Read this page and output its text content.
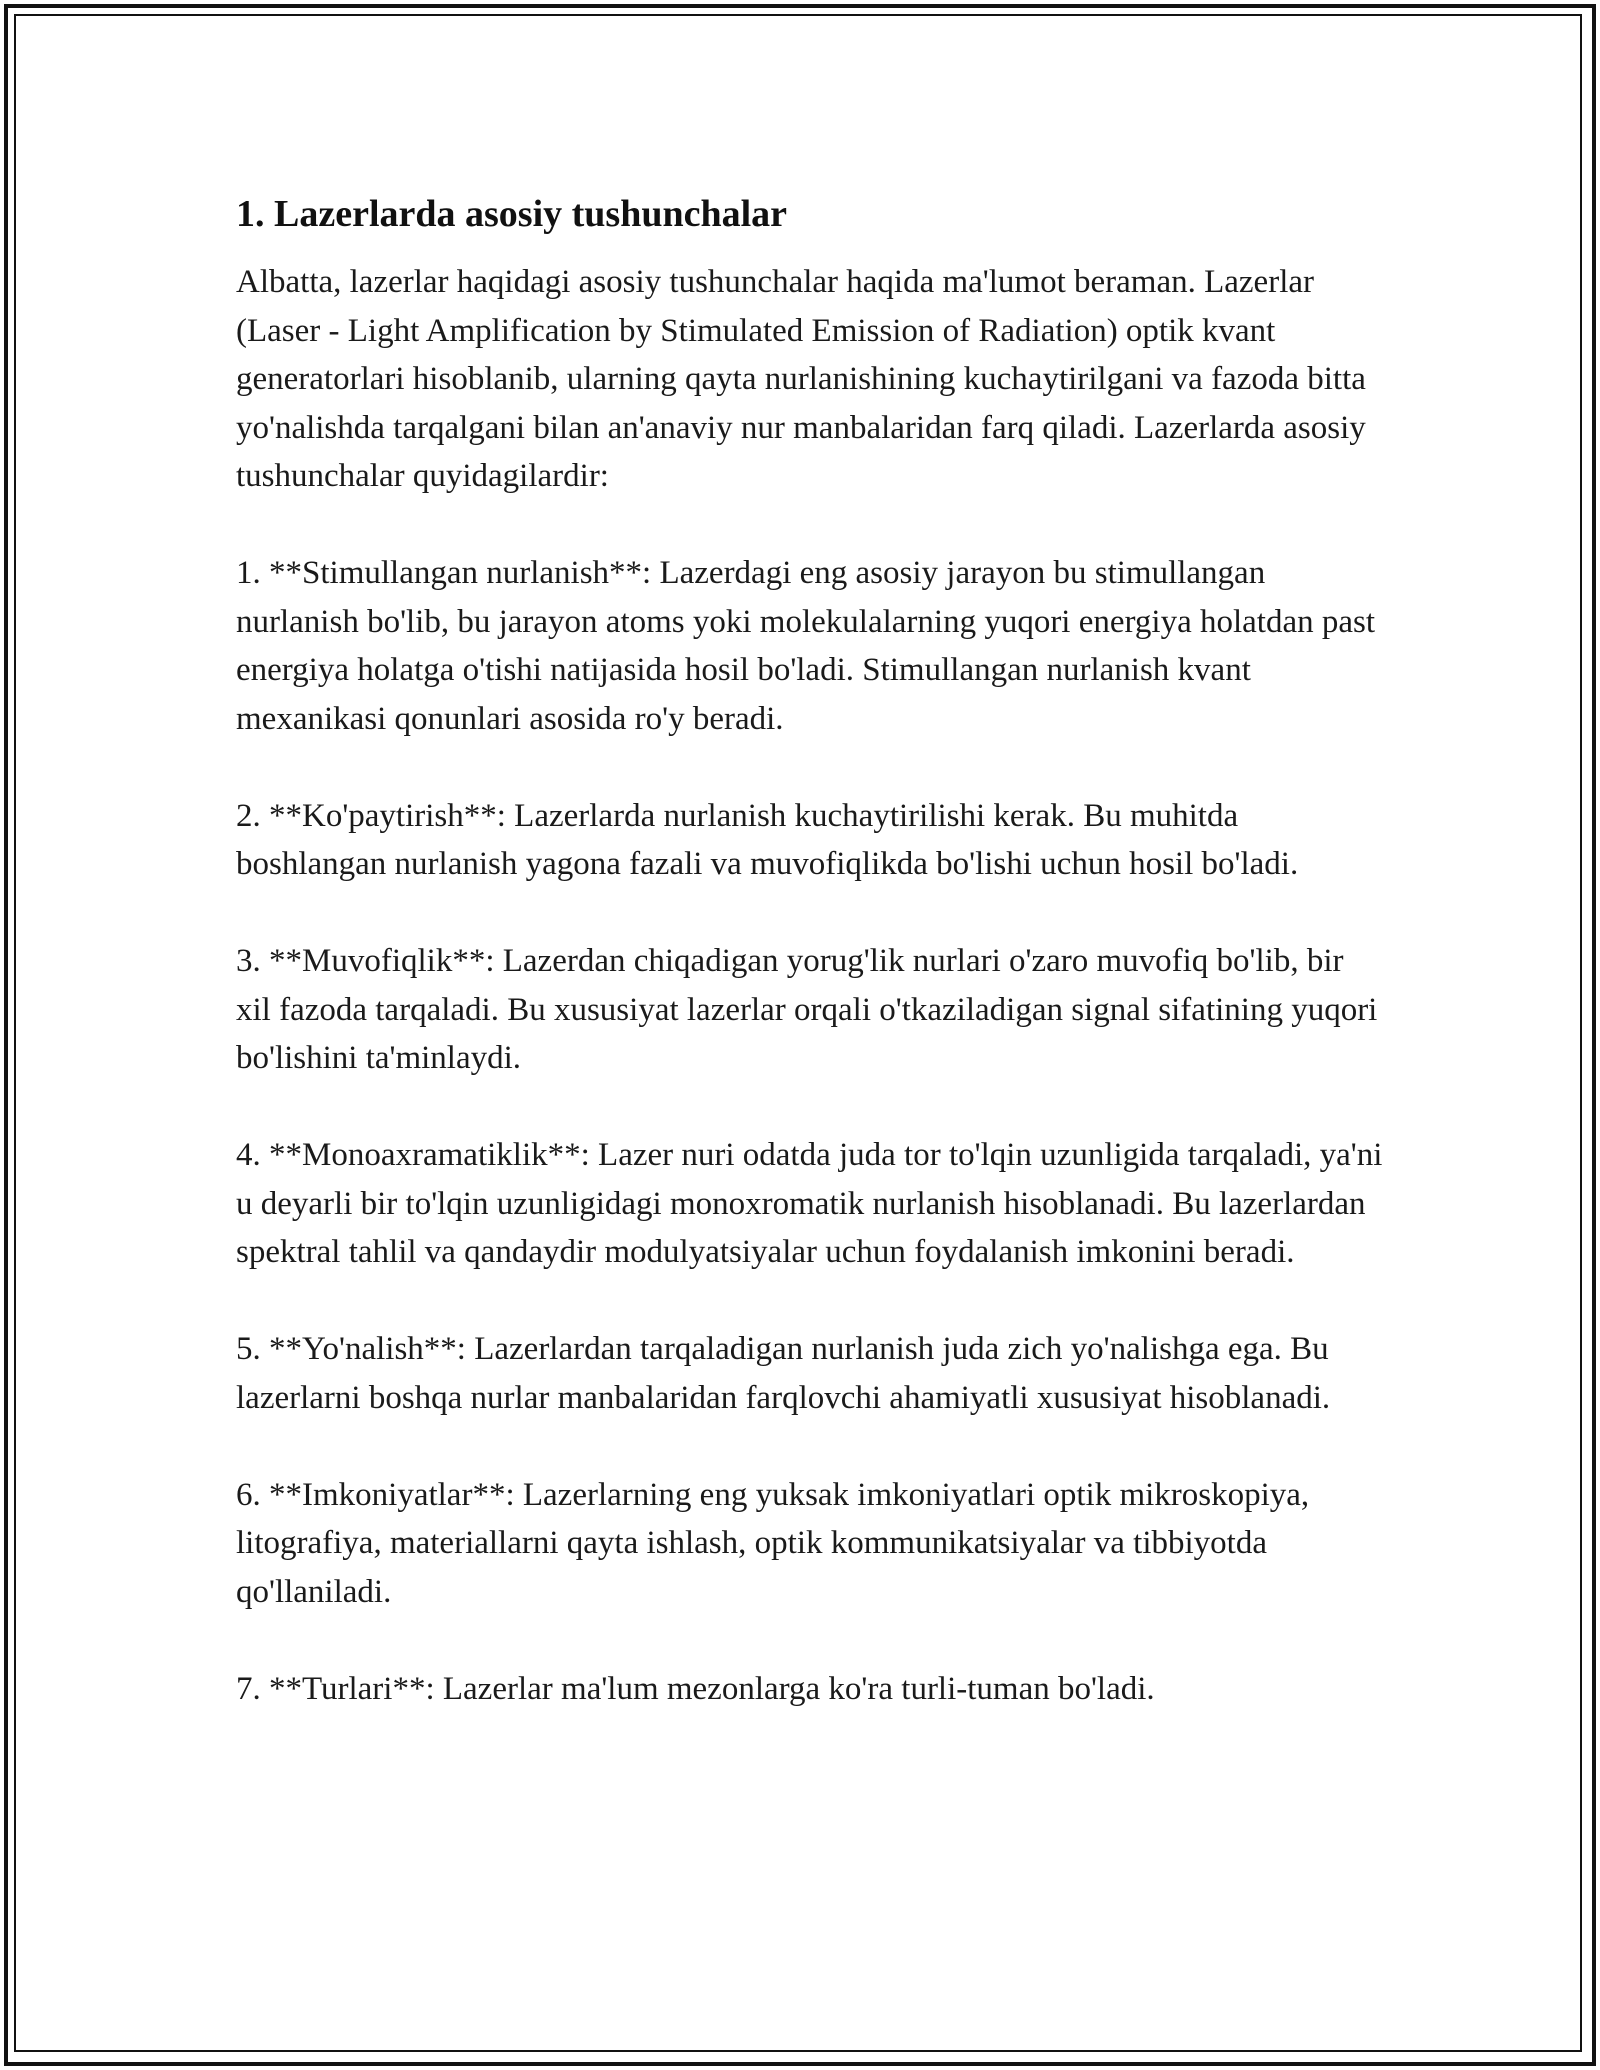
1. Lazerlarda asosiy tushunchalar

Albatta, lazerlar haqidagi asosiy tushunchalar haqida ma'lumot beraman. Lazerlar (Laser - Light Amplification by Stimulated Emission of Radiation) optik kvant generatorlari hisoblanib, ularning qayta nurlanishining kuchaytirilgani va fazoda bitta yo'nalishda tarqalgani bilan an'anaviy nur manbalaridan farq qiladi. Lazerlarda asosiy tushunchalar quyidagilardir:

1. **Stimullangan nurlanish**: Lazerdagi eng asosiy jarayon bu stimullangan nurlanish bo'lib, bu jarayon atoms yoki molekulalarning yuqori energiya holatdan past energiya holatga o'tishi natijasida hosil bo'ladi. Stimullangan nurlanish kvant mexanikasi qonunlari asosida ro'y beradi.

2. **Ko'paytirish**: Lazerlarda nurlanish kuchaytirilishi kerak. Bu muhitda boshlangan nurlanish yagona fazali va muvofiqlikda bo'lishi uchun hosil bo'ladi.

3. **Muvofiqlik**: Lazerdan chiqadigan yorug'lik nurlari o'zaro muvofiq bo'lib, bir xil fazoda tarqaladi. Bu xususiyat lazerlar orqali o'tkaziladigan signal sifatining yuqori bo'lishini ta'minlaydi.

4. **Monoaxramatiklik**: Lazer nuri odatda juda tor to'lqin uzunligida tarqaladi, ya'ni u deyarli bir to'lqin uzunligidagi monoxromatik nurlanish hisoblanadi. Bu lazerlardan spektral tahlil va qandaydir modulyatsiyalar uchun foydalanish imkonini beradi.

5. **Yo'nalish**: Lazerlardan tarqaladigan nurlanish juda zich yo'nalishga ega. Bu lazerlarni boshqa nurlar manbalaridan farqlovchi ahamiyatli xususiyat hisoblanadi.

6. **Imkoniyatlar**: Lazerlarning eng yuksak imkoniyatlari optik mikroskopiya, litografiya, materiallarni qayta ishlash, optik kommunikatsiyalar va tibbiyotda qo'llaniladi.

7. **Turlari**: Lazerlar ma'lum mezonlarga ko'ra turli-tuman bo'ladi.
